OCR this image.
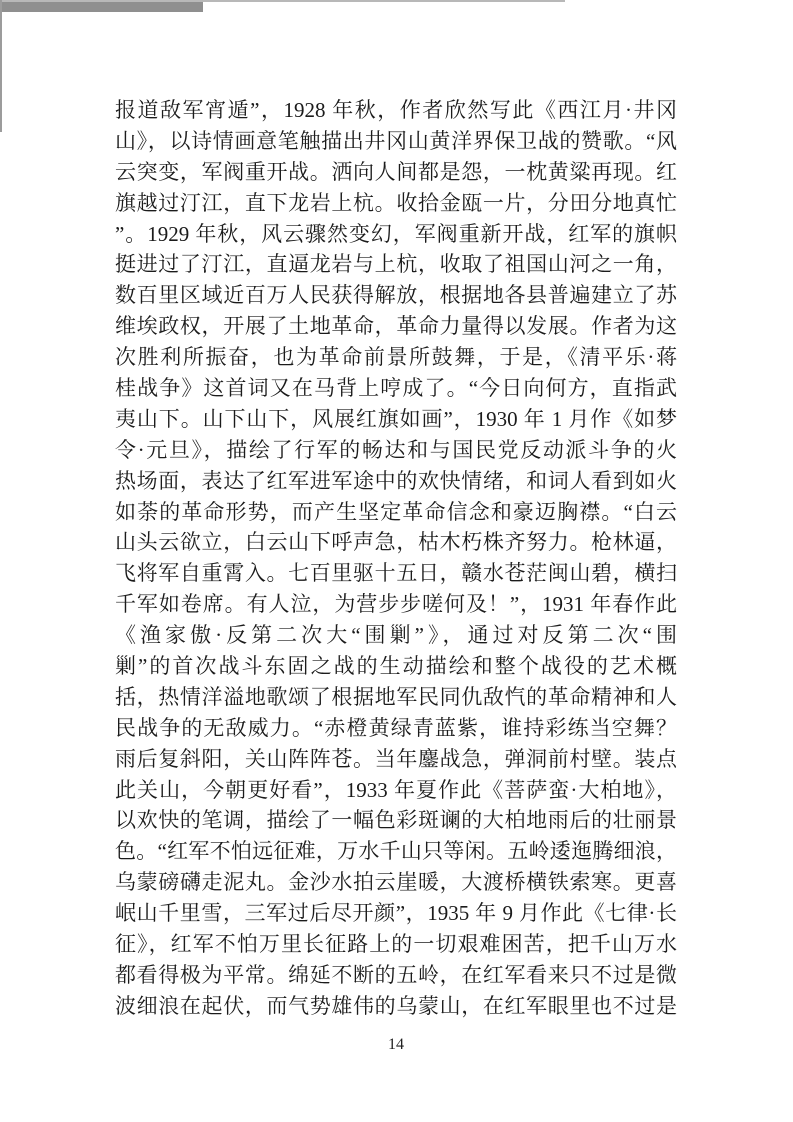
报道敌军宵遁”，1928 年秋，作者欣然写此《西江月·井冈
山》，以诗情画意笔触描出井冈山黄洋界保卫战的赞歌。“风
云突变，军阀重开战。洒向人间都是怨，一枕黄粱再现。红
旗越过汀江，直下龙岩上杭。收拾金瓯一片，分田分地真忙
”。1929 年秋，风云骤然变幻，军阀重新开战，红军的旗帜
挺进过了汀江，直逼龙岩与上杭，收取了祖国山河之一角，
数百里区域近百万人民获得解放，根据地各县普遍建立了苏
维埃政权，开展了土地革命，革命力量得以发展。作者为这
次胜利所振奋，也为革命前景所鼓舞，于是，《清平乐·蒋
桂战争》这首词又在马背上哼成了。“今日向何方，直指武
夷山下。山下山下，风展红旗如画”，1930 年 1 月作《如梦
令·元旦》，描绘了行军的畅达和与国民党反动派斗争的火
热场面，表达了红军进军途中的欢快情绪，和词人看到如火
如荼的革命形势，而产生坚定革命信念和豪迈胸襟。“白云
山头云欲立，白云山下呼声急，枯木朽株齐努力。枪林逼，
飞将军自重霄入。七百里驱十五日，赣水苍茫闽山碧，横扫
千军如卷席。有人泣，为营步步嗟何及！”，1931 年春作此
《渔家傲·反第二次大“围剿”》，通过对反第二次“围
剿”的首次战斗东固之战的生动描绘和整个战役的艺术概
括，热情洋溢地歌颂了根据地军民同仇敌忾的革命精神和人
民战争的无敌威力。“赤橙黄绿青蓝紫，谁持彩练当空舞？
雨后复斜阳，关山阵阵苍。当年鏖战急，弹洞前村壁。装点
此关山，今朝更好看”，1933 年夏作此《菩萨蛮·大柏地》，
以欢快的笔调，描绘了一幅色彩斑谰的大柏地雨后的壮丽景
色。“红军不怕远征难，万水千山只等闲。五岭逶迤腾细浪，
乌蒙磅礴走泥丸。金沙水拍云崖暖，大渡桥横铁索寒。更喜
岷山千里雪，三军过后尽开颜”，1935 年 9 月作此《七律·长
征》，红军不怕万里长征路上的一切艰难困苦，把千山万水
都看得极为平常。绵延不断的五岭，在红军看来只不过是微
波细浪在起伏，而气势雄伟的乌蒙山，在红军眼里也不过是
14
